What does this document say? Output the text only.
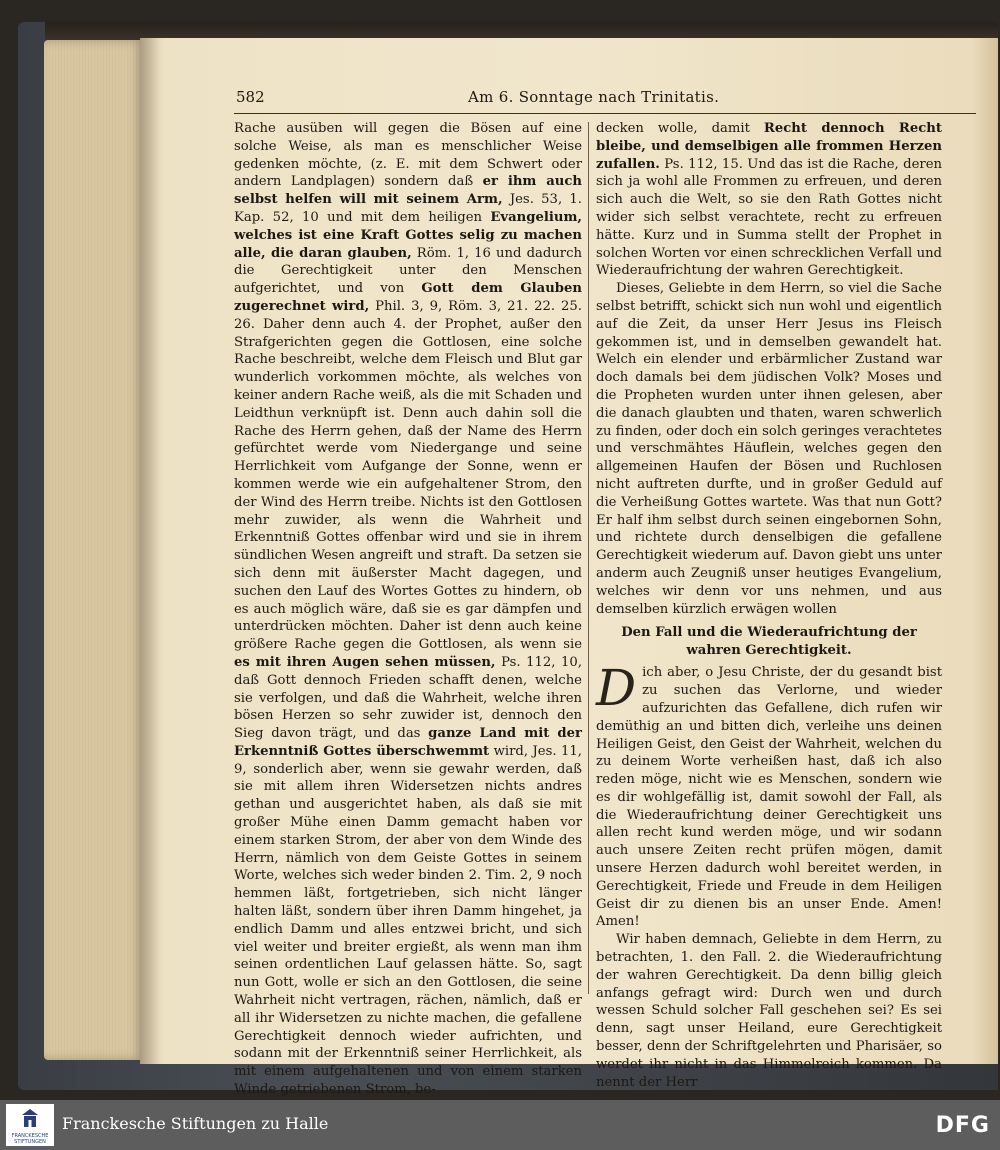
582	Am 6. Sonntage nach Trinitatis.

Rache ausüben will gegen die Bösen auf eine solche Weise, als man es menschlicher Weise gedenken möchte, (z. E. mit dem Schwert oder andern Landplagen) sondern daß er ihm auch selbst helfen will mit seinem Arm, Jes. 53, 1. Kap. 52, 10 und mit dem heiligen Evangelium, welches ist eine Kraft Gottes selig zu machen alle, die daran glauben, Röm. 1, 16 und dadurch die Gerechtigkeit unter den Menschen aufgerichtet, und von Gott dem Glauben zugerechnet wird, Phil. 3, 9, Röm. 3, 21. 22. 25. 26. Daher denn auch 4. der Prophet, außer den Strafgerichten gegen die Gottlosen, eine solche Rache beschreibt, welche dem Fleisch und Blut gar wunderlich vorkommen möchte, als welches von keiner andern Rache weiß, als die mit Schaden und Leidthun verknüpft ist. Denn auch dahin soll die Rache des Herrn gehen, daß der Name des Herrn gefürchtet werde vom Niedergange und seine Herrlichkeit vom Aufgange der Sonne, wenn er kommen werde wie ein aufgehaltener Strom, den der Wind des Herrn treibe. Nichts ist den Gottlosen mehr zuwider, als wenn die Wahrheit und Erkenntniß Gottes offenbar wird und sie in ihrem sündlichen Wesen angreift und straft. Da setzen sie sich denn mit äußerster Macht dagegen, und suchen den Lauf des Wortes Gottes zu hindern, ob es auch möglich wäre, daß sie es gar dämpfen und unterdrücken möchten. Daher ist denn auch keine größere Rache gegen die Gottlosen, als wenn sie es mit ihren Augen sehen müssen, Ps. 112, 10, daß Gott dennoch Frieden schafft denen, welche sie verfolgen, und daß die Wahrheit, welche ihren bösen Herzen so sehr zuwider ist, dennoch den Sieg davon trägt, und das ganze Land mit der Erkenntniß Gottes überschwemmt wird, Jes. 11, 9, sonderlich aber, wenn sie gewahr werden, daß sie mit allem ihren Widersetzen nichts andres gethan und ausgerichtet haben, als daß sie mit großer Mühe einen Damm gemacht haben vor einem starken Strom, der aber von dem Winde des Herrn, nämlich von dem Geiste Gottes in seinem Worte, welches sich weder binden 2. Tim. 2, 9 noch hemmen läßt, fortgetrieben, sich nicht länger halten läßt, sondern über ihren Damm hingehet, ja endlich Damm und alles entzwei bricht, und sich viel weiter und breiter ergießt, als wenn man ihm seinen ordentlichen Lauf gelassen hätte. So, sagt nun Gott, wolle er sich an den Gottlosen, die seine Wahrheit nicht vertragen, rächen, nämlich, daß er all ihr Widersetzen zu nichte machen, die gefallene Gerechtigkeit dennoch wieder aufrichten, und sodann mit der Erkenntniß seiner Herrlichkeit, als mit einem aufgehaltenen und von einem starken Winde getriebenen Strom, be-

decken wolle, damit Recht dennoch Recht bleibe, und demselbigen alle frommen Herzen zufallen. Ps. 112, 15. Und das ist die Rache, deren sich ja wohl alle Frommen zu erfreuen, und deren sich auch die Welt, so sie den Rath Gottes nicht wider sich selbst verachtete, recht zu erfreuen hätte. Kurz und in Summa stellt der Prophet in solchen Worten vor einen schrecklichen Verfall und Wiederaufrichtung der wahren Gerechtigkeit.

Dieses, Geliebte in dem Herrn, so viel die Sache selbst betrifft, schickt sich nun wohl und eigentlich auf die Zeit, da unser Herr Jesus ins Fleisch gekommen ist, und in demselben gewandelt hat. Welch ein elender und erbärmlicher Zustand war doch damals bei dem jüdischen Volk? Moses und die Propheten wurden unter ihnen gelesen, aber die danach glaubten und thaten, waren schwerlich zu finden, oder doch ein solch geringes verachtetes und verschmähtes Häuflein, welches gegen den allgemeinen Haufen der Bösen und Ruchlosen nicht auftreten durfte, und in großer Geduld auf die Verheißung Gottes wartete. Was that nun Gott? Er half ihm selbst durch seinen eingebornen Sohn, und richtete durch denselbigen die gefallene Gerechtigkeit wiederum auf. Davon giebt uns unter anderm auch Zeugniß unser heutiges Evangelium, welches wir denn vor uns nehmen, und aus demselben kürzlich erwägen wollen

Den Fall und die Wiederaufrichtung der wahren Gerechtigkeit.

Dich aber, o Jesu Christe, der du gesandt bist zu suchen das Verlorne, und wieder aufzurichten das Gefallene, dich rufen wir demüthig an und bitten dich, verleihe uns deinen Heiligen Geist, den Geist der Wahrheit, welchen du zu deinem Worte verheißen hast, daß ich also reden möge, nicht wie es Menschen, sondern wie es dir wohlgefällig ist, damit sowohl der Fall, als die Wiederaufrichtung deiner Gerechtigkeit uns allen recht kund werden möge, und wir sodann auch unsere Zeiten recht prüfen mögen, damit unsere Herzen dadurch wohl bereitet werden, in Gerechtigkeit, Friede und Freude in dem Heiligen Geist dir zu dienen bis an unser Ende. Amen! Amen!

Wir haben demnach, Geliebte in dem Herrn, zu betrachten, 1. den Fall. 2. die Wiederaufrichtung der wahren Gerechtigkeit. Da denn billig gleich anfangs gefragt wird: Durch wen und durch wessen Schuld solcher Fall geschehen sei? Es sei denn, sagt unser Heiland, eure Gerechtigkeit besser, denn der Schriftgelehrten und Pharisäer, so werdet ihr nicht in das Himmelreich kommen. Da nennt der Herr

FRANCKESCHE
STIFTUNGEN
Franckesche Stiftungen zu Halle	DFG
